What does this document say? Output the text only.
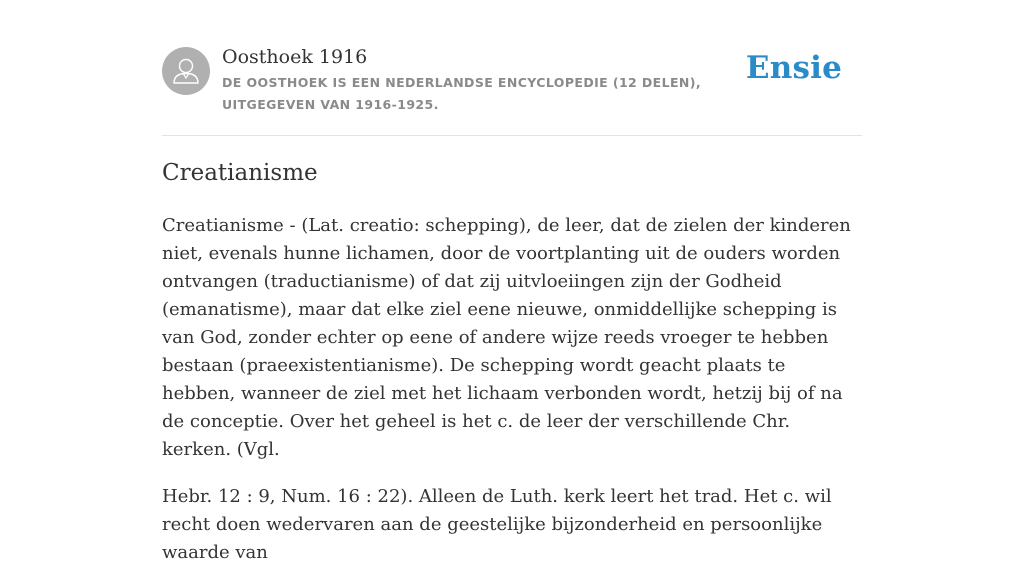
Oosthoek 1916
DE OOSTHOEK IS EEN NEDERLANDSE ENCYCLOPEDIE (12 DELEN), UITGEGEVEN VAN 1916-1925.
Ensie
Creatianisme

Creatianisme - (Lat. creatio: schepping), de leer, dat de zielen der kinderen niet, evenals hunne lichamen, door de voortplanting uit de ouders worden ontvangen (traductianisme) of dat zij uitvloeiingen zijn der Godheid (emanatisme), maar dat elke ziel eene nieuwe, onmiddellijke schepping is van God, zonder echter op eene of andere wijze reeds vroeger te hebben bestaan (praeexistentianisme). De schepping wordt geacht plaats te hebben, wanneer de ziel met het lichaam verbonden wordt, hetzij bij of na de conceptie. Over het geheel is het c. de leer der verschillende Chr. kerken. (Vgl.

Hebr. 12 : 9, Num. 16 : 22). Alleen de Luth. kerk leert het trad. Het c. wil recht doen wedervaren aan de geestelijke bijzonderheid en persoonlijke waarde van
